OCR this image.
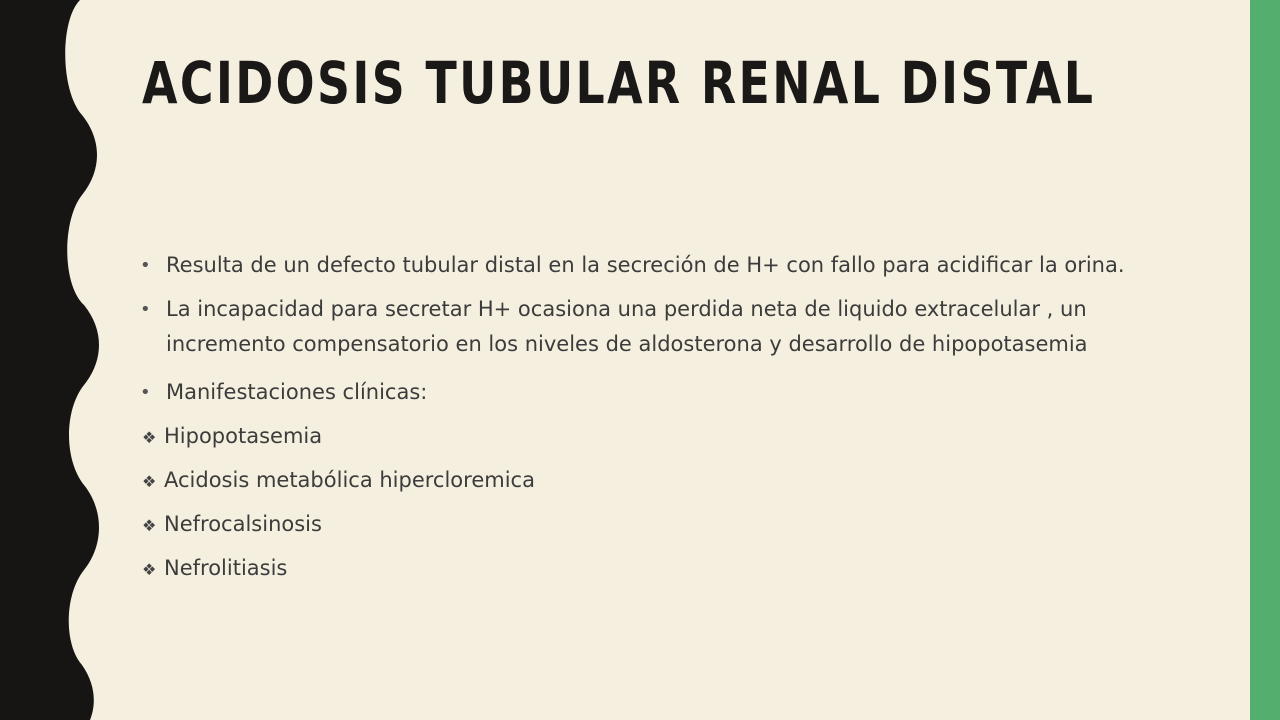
ACIDOSIS TUBULAR RENAL DISTAL
• Resulta de un defecto tubular distal en la secreción de H+ con fallo para acidificar la orina.
• La incapacidad para secretar H+ ocasiona una perdida neta de liquido extracelular , un
incremento compensatorio en los niveles de aldosterona y desarrollo de hipopotasemia
• Manifestaciones clínicas:
❖ Hipopotasemia
❖ Acidosis metabólica hipercloremica
❖ Nefrocalsinosis
❖ Nefrolitiasis
